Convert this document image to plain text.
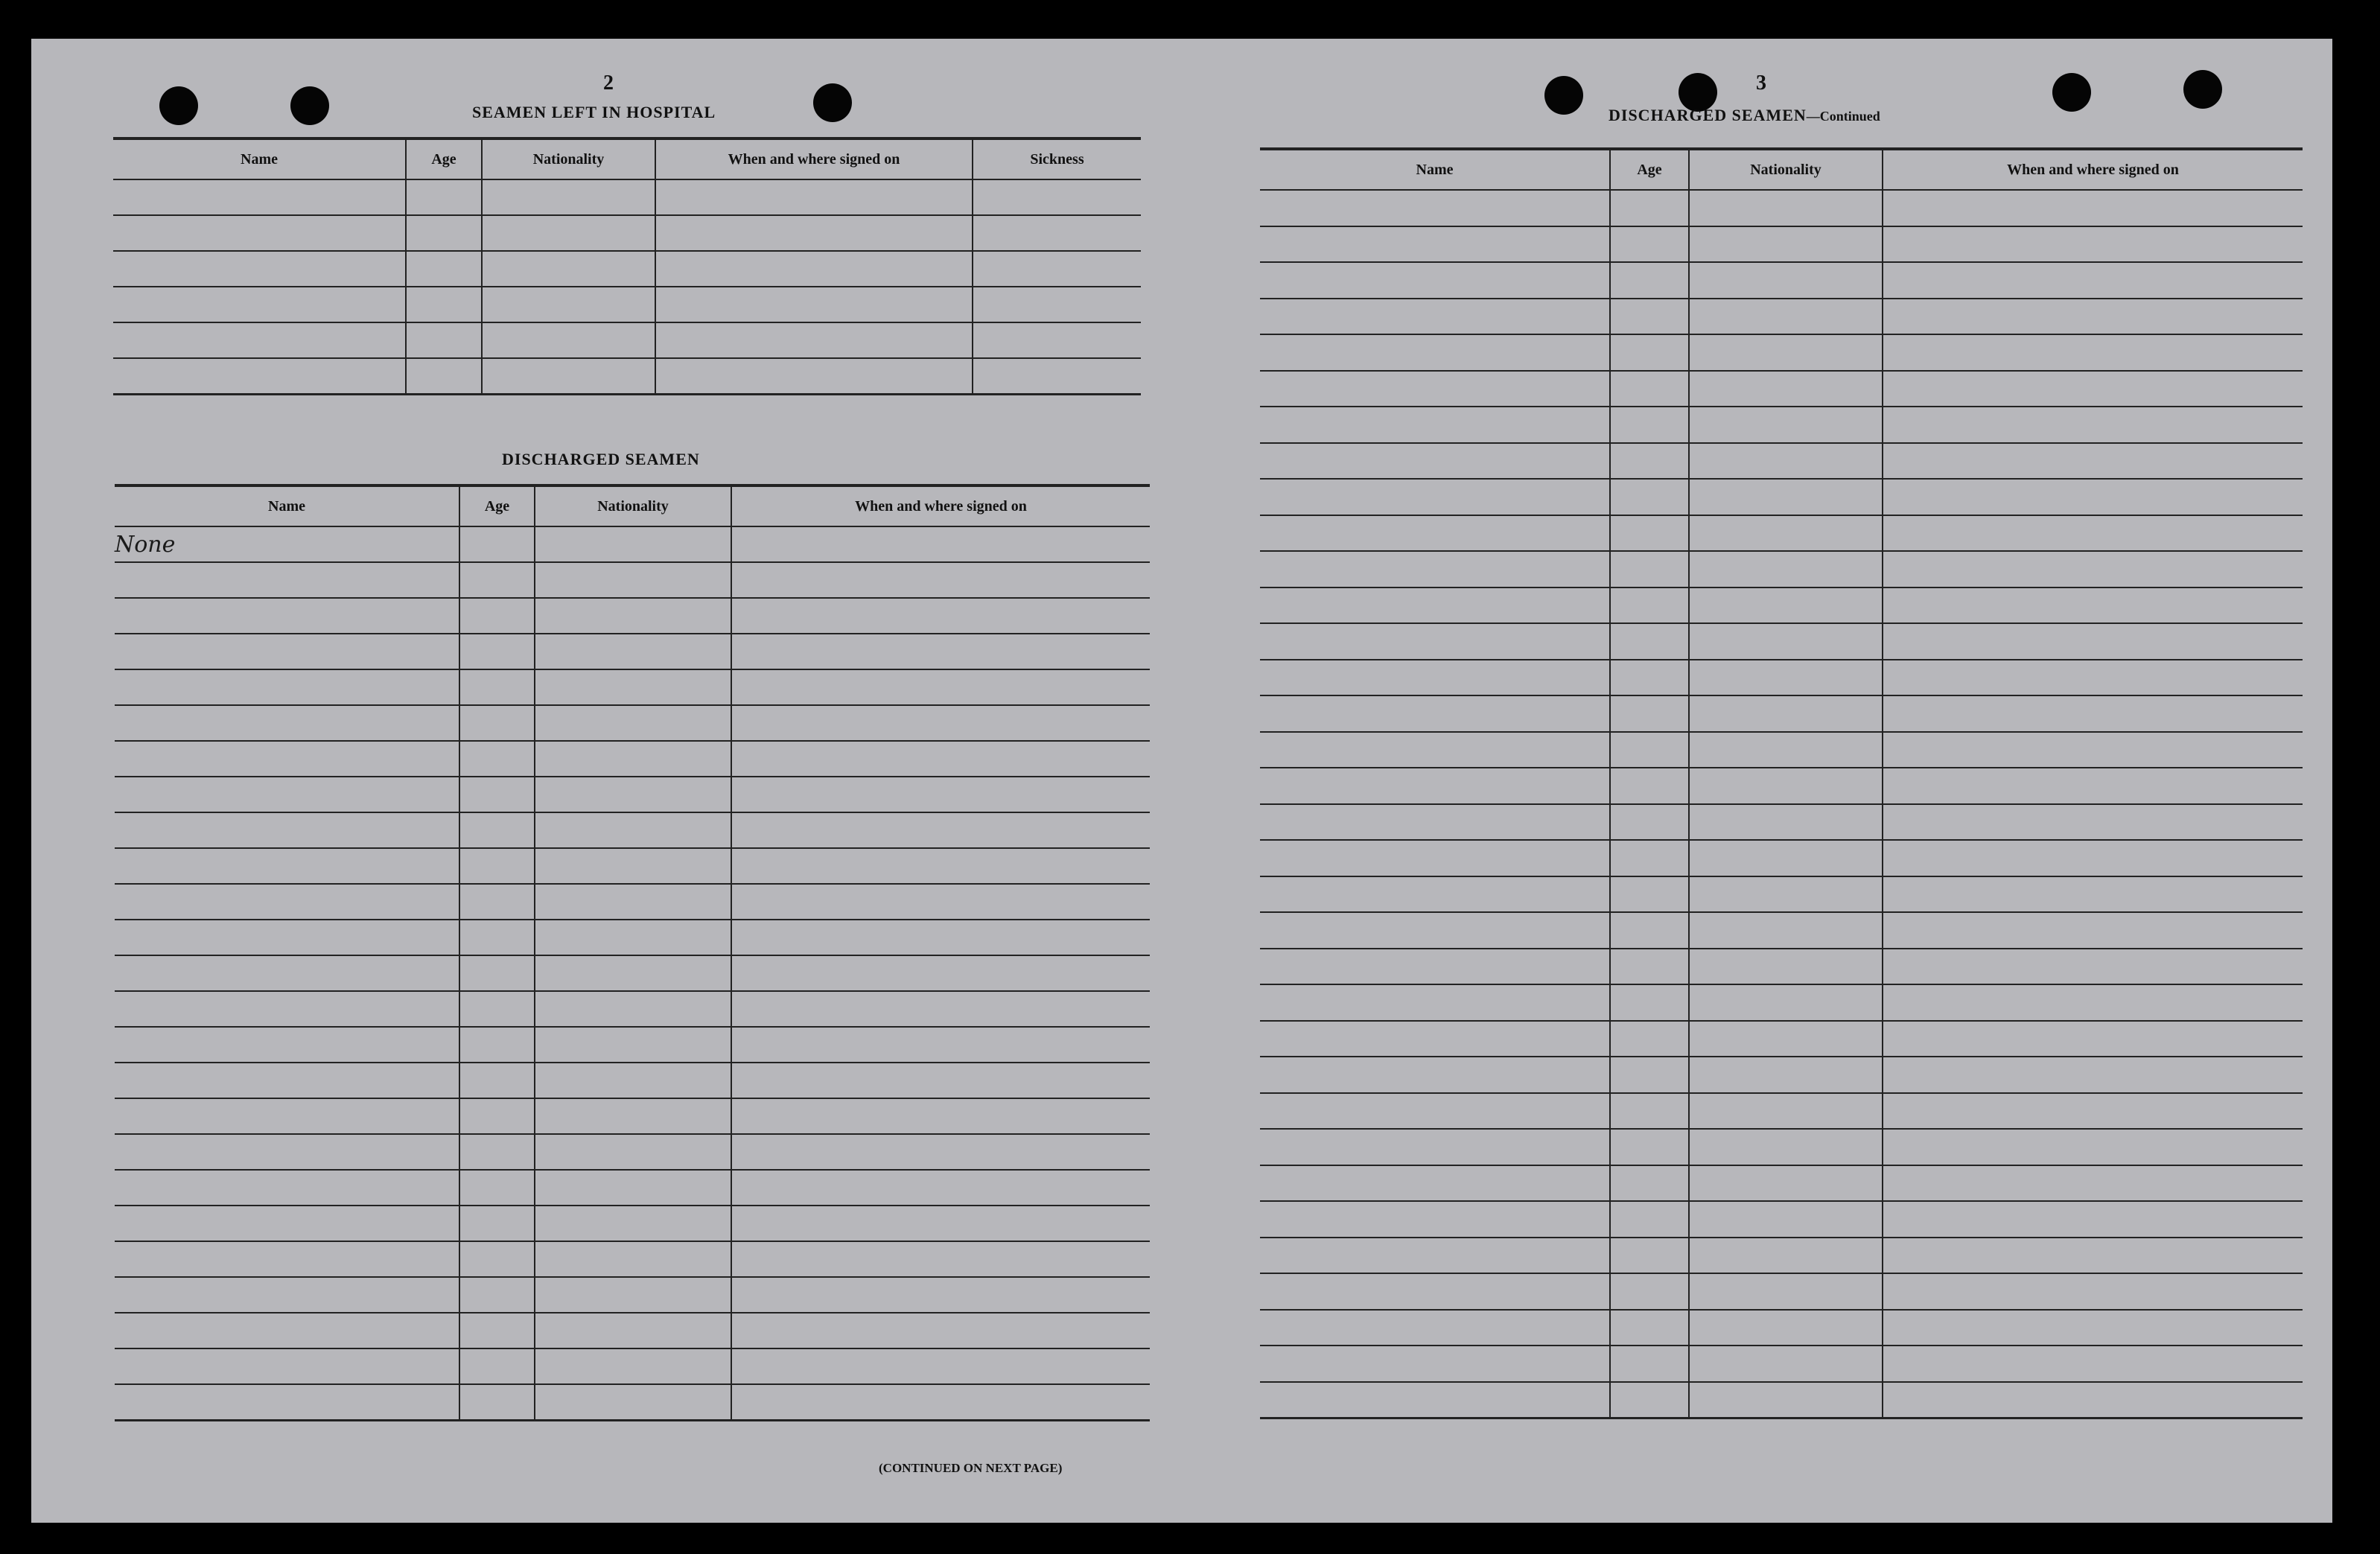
2
SEAMEN LEFT IN HOSPITAL
Name	Age	Nationality	When and where signed on	Sickness

DISCHARGED SEAMEN
Name	Age	Nationality	When and where signed on
None			

(CONTINUED ON NEXT PAGE)
3
DISCHARGED SEAMEN—Continued
Name	Age	Nationality	When and where signed on
